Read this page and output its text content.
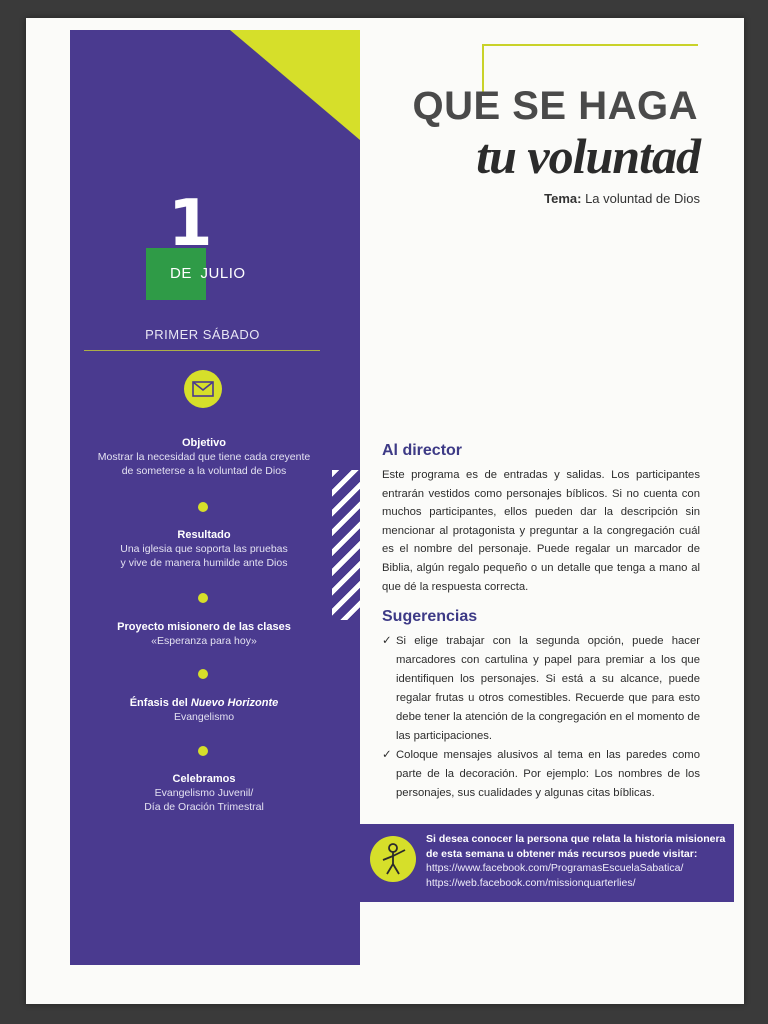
1
DE JULIO
PRIMER SÁBADO
Objetivo
Mostrar la necesidad que tiene cada creyente
de someterse a la voluntad de Dios
Resultado
Una iglesia que soporta las pruebas
y vive de manera humilde ante Dios
Proyecto misionero de las clases
«Esperanza para hoy»
Énfasis del Nuevo Horizonte
Evangelismo
Celebramos
Evangelismo Juvenil/
Día de Oración Trimestral
QUE SE HAGA
tu voluntad
Tema: La voluntad de Dios
Al director
Este programa es de entradas y salidas. Los participantes entrarán vestidos como personajes bíblicos. Si no cuenta con muchos participantes, ellos pueden dar la descripción sin mencionar al protagonista y preguntar a la congregación cuál es el nombre del personaje. Puede regalar un marcador de Biblia, algún regalo pequeño o un detalle que tenga a mano al que dé la respuesta correcta.
Sugerencias
✓ Si elige trabajar con la segunda opción, puede hacer marcadores con cartulina y papel para premiar a los que identifiquen los personajes. Si está a su alcance, puede regalar frutas u otros comestibles. Recuerde que para esto debe tener la atención de la congregación en el momento de las participaciones.
✓ Coloque mensajes alusivos al tema en las paredes como parte de la decoración. Por ejemplo: Los nombres de los personajes, sus cualidades y algunas citas bíblicas.
Si desea conocer la persona que relata la historia misionera de esta semana u obtener más recursos puede visitar:
https://www.facebook.com/ProgramasEscuelaSabatica/
https://web.facebook.com/missionquarterlies/
